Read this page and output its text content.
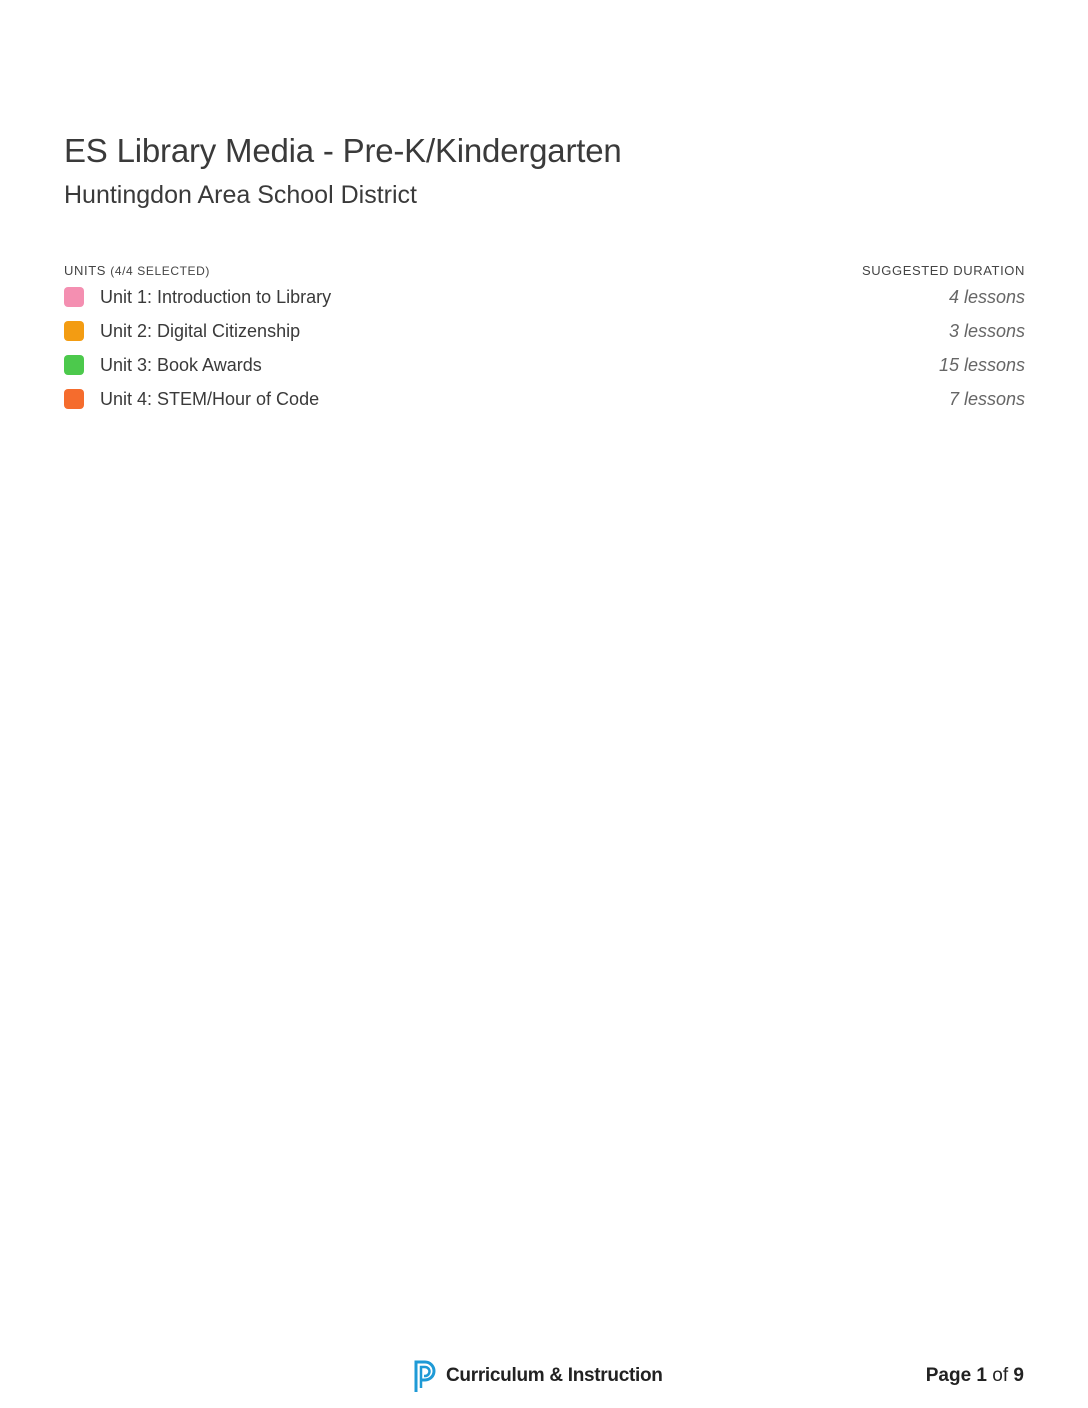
ES Library Media - Pre-K/Kindergarten
Huntingdon Area School District
UNITS (4/4 SELECTED)	SUGGESTED DURATION
Unit 1: Introduction to Library	4 lessons
Unit 2: Digital Citizenship	3 lessons
Unit 3: Book Awards	15 lessons
Unit 4: STEM/Hour of Code	7 lessons
Curriculum & Instruction	Page 1 of 9
